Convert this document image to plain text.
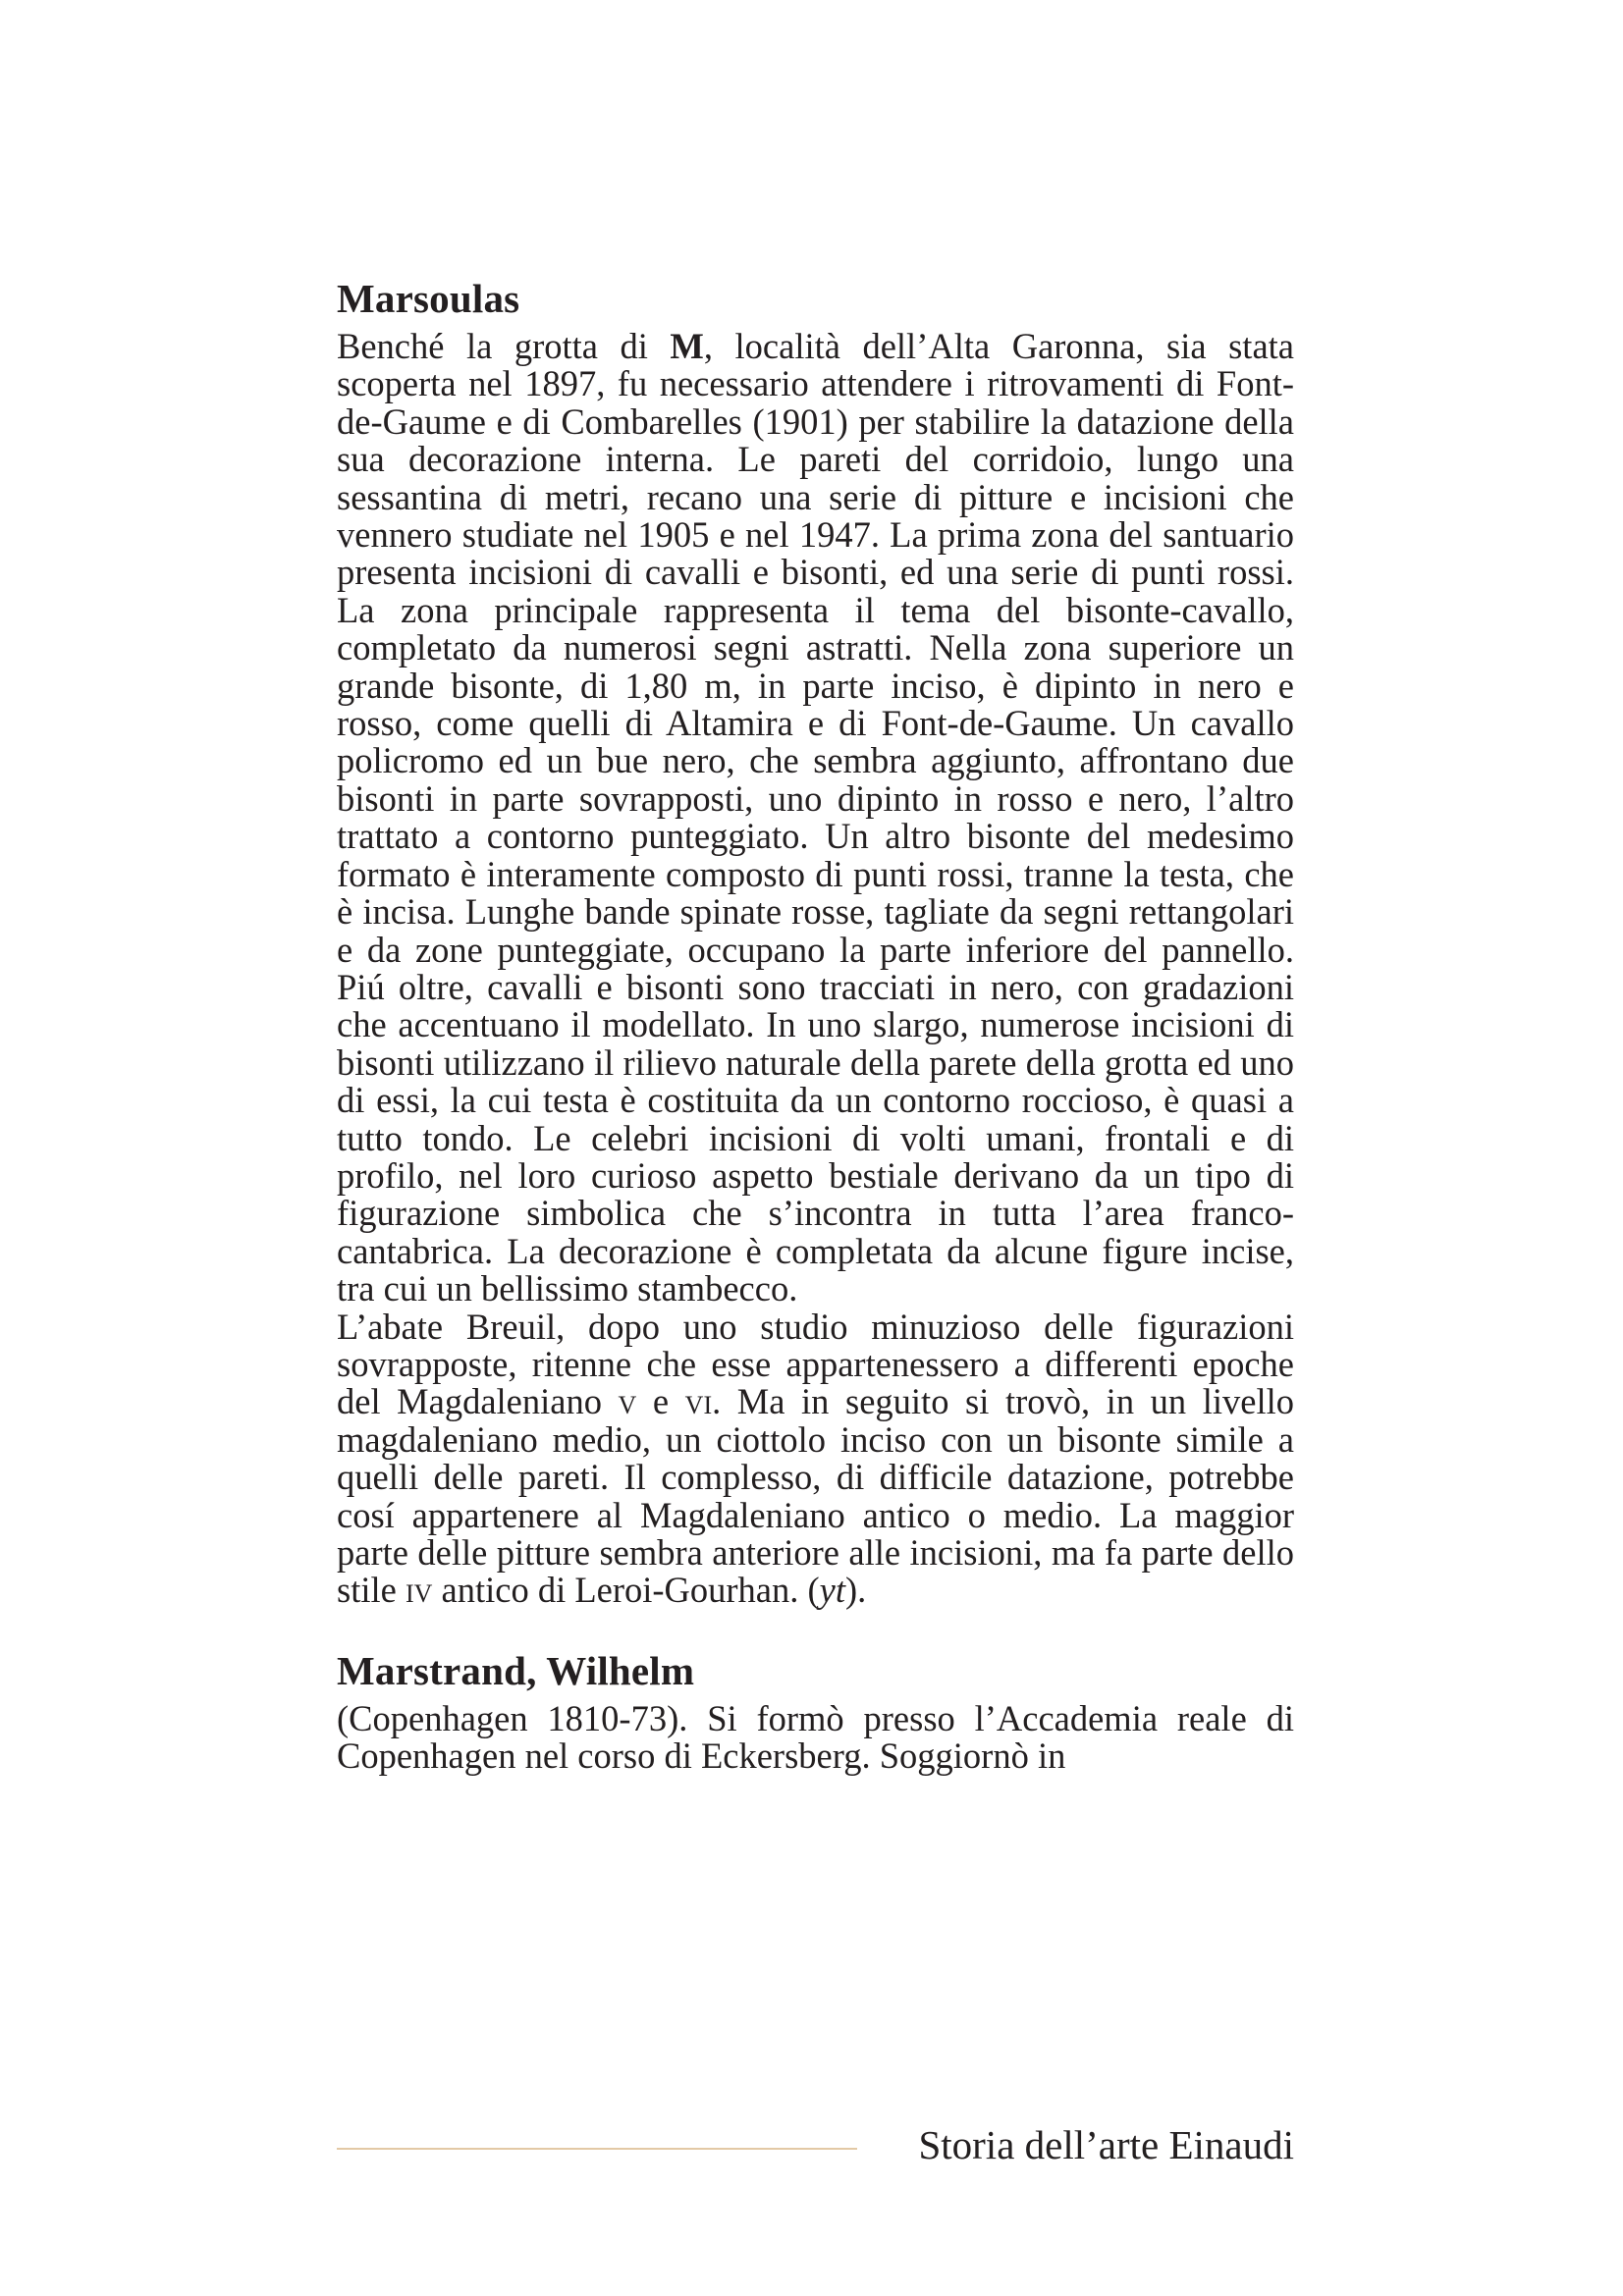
Marsoulas

Benché la grotta di M, località dell’Alta Garonna, sia stata scoperta nel 1897, fu necessario attendere i ritrovamenti di Font-de-Gaume e di Combarelles (1901) per stabilire la datazione della sua decorazione interna. Le pareti del corridoio, lungo una sessantina di metri, recano una serie di pitture e incisioni che vennero studiate nel 1905 e nel 1947. La prima zona del santuario presenta incisioni di cavalli e bisonti, ed una serie di punti rossi. La zona principale rappresenta il tema del bisonte-cavallo, completato da numerosi segni astratti. Nella zona superiore un grande bisonte, di 1,80 m, in parte inciso, è dipinto in nero e rosso, come quelli di Altamira e di Font-de-Gaume. Un cavallo policromo ed un bue nero, che sembra aggiunto, affrontano due bisonti in parte sovrapposti, uno dipinto in rosso e nero, l’altro trattato a contorno punteggiato. Un altro bisonte del medesimo formato è interamente composto di punti rossi, tranne la testa, che è incisa. Lunghe bande spinate rosse, tagliate da segni rettangolari e da zone punteggiate, occupano la parte inferiore del pannello. Piú oltre, cavalli e bisonti sono tracciati in nero, con gradazioni che accentuano il modellato. In uno slargo, numerose incisioni di bisonti utilizzano il rilievo naturale della parete della grotta ed uno di essi, la cui testa è costituita da un contorno roccioso, è quasi a tutto tondo. Le celebri incisioni di volti umani, frontali e di profilo, nel loro curioso aspetto bestiale derivano da un tipo di figurazione simbolica che s’incontra in tutta l’area franco-cantabrica. La decorazione è completata da alcune figure incise, tra cui un bellissimo stambecco.

L’abate Breuil, dopo uno studio minuzioso delle figurazioni sovrapposte, ritenne che esse appartenessero a differenti epoche del Magdaleniano v e vi. Ma in seguito si trovò, in un livello magdaleniano medio, un ciottolo inciso con un bisonte simile a quelli delle pareti. Il complesso, di difficile datazione, potrebbe cosí appartenere al Magdaleniano antico o medio. La maggior parte delle pitture sembra anteriore alle incisioni, ma fa parte dello stile iv antico di Leroi-Gourhan. (yt).

Marstrand, Wilhelm

(Copenhagen 1810-73). Si formò presso l’Accademia reale di Copenhagen nel corso di Eckersberg. Soggiornò in

Storia dell’arte Einaudi
